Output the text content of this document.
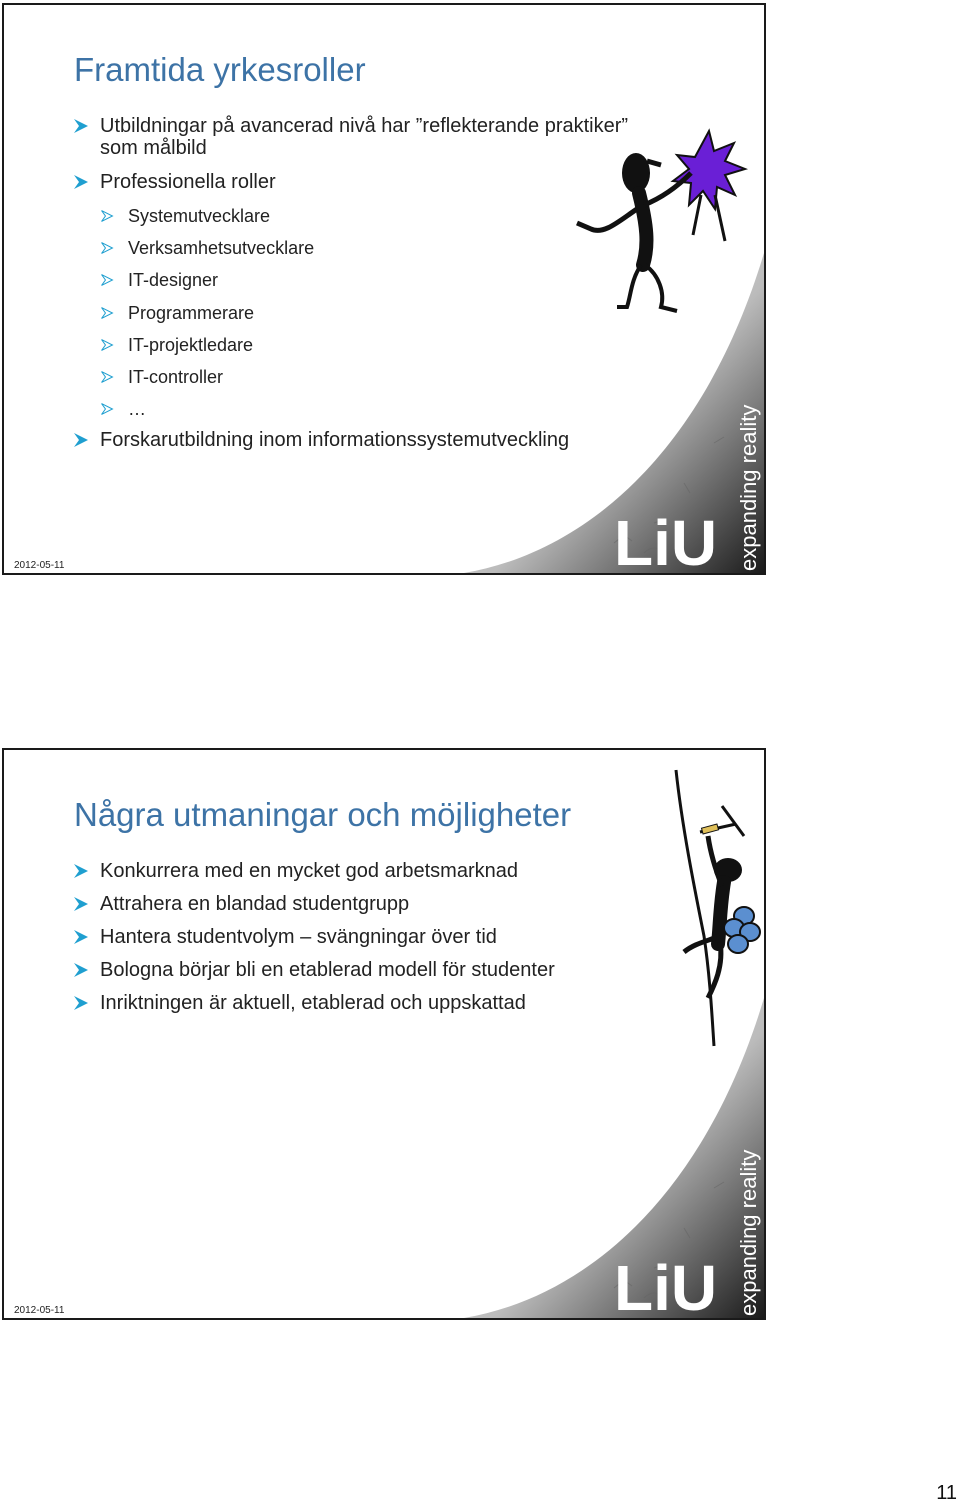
Framtida yrkesroller
Utbildningar på avancerad nivå har ”reflekterande praktiker”
som målbild
Professionella roller
Systemutvecklare
Verksamhetsutvecklare
IT-designer
Programmerare
IT-projektledare
IT-controller
…
Forskarutbildning inom informationssystemutveckling
LiU expanding reality
2012-05-11
Några utmaningar och möjligheter
Konkurrera med en mycket god arbetsmarknad
Attrahera en blandad studentgrupp
Hantera studentvolym – svängningar över tid
Bologna börjar bli en etablerad modell för studenter
Inriktningen är aktuell, etablerad och uppskattad
LiU expanding reality
2012-05-11
11
